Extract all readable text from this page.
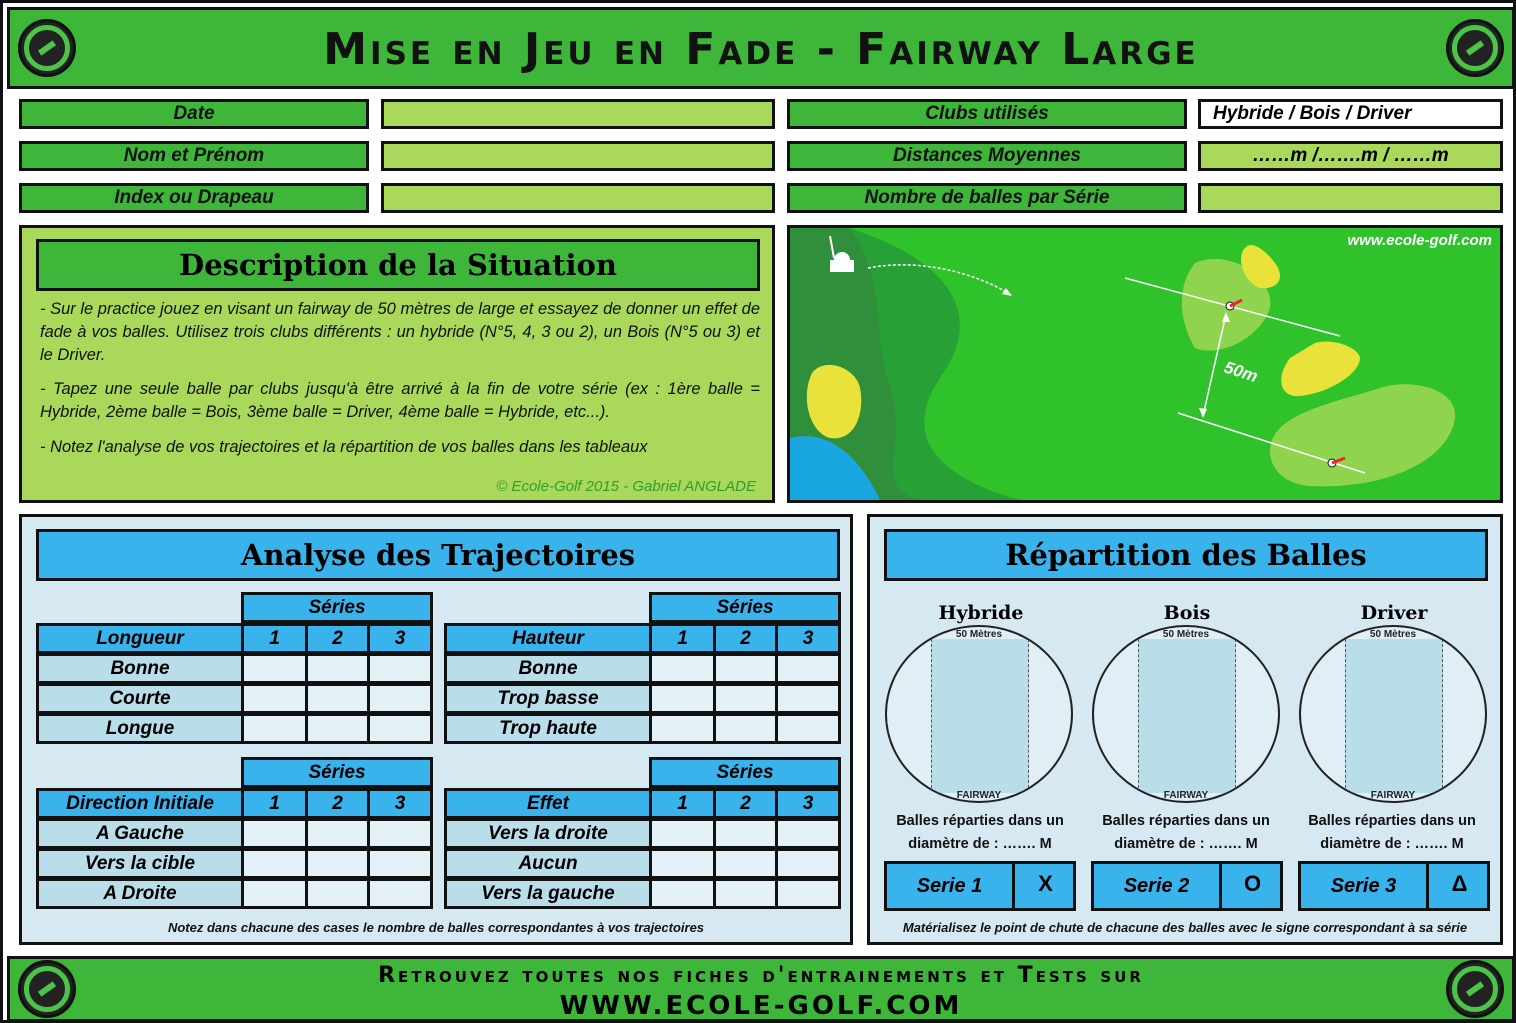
Mise en Jeu en Fade - Fairway Large
Date	Clubs utilisés	Hybride / Bois / Driver
Nom et Prénom	Distances Moyennes	……m /…….m / ……m
Index ou Drapeau	Nombre de balles par Série
Description de la Situation
- Sur le practice jouez en visant un fairway de 50 mètres de large et essayez de donner un effet de fade à vos balles. Utilisez trois clubs différents : un hybride (N°5, 4, 3 ou 2), un Bois (N°5 ou 3) et le Driver.
- Tapez une seule balle par clubs jusqu'à être arrivé à la fin de votre série (ex : 1ère balle = Hybride, 2ème balle = Bois, 3ème balle = Driver, 4ème balle = Hybride, etc...).
- Notez l'analyse de vos trajectoires et la répartition de vos balles dans les tableaux
© Ecole-Golf 2015 - Gabriel ANGLADE
50m
www.ecole-golf.com
Analyse des Trajectoires
Séries
Longueur	1	2	3
Bonne
Courte
Longue
Séries
Hauteur	1	2	3
Bonne
Trop basse
Trop haute
Séries
Direction Initiale	1	2	3
A Gauche
Vers la cible
A Droite
Séries
Effet	1	2	3
Vers la droite
Aucun
Vers la gauche
Notez dans chacune des cases le nombre de balles correspondantes à vos trajectoires
Répartition des Balles
Hybride
50 Mètres
FAIRWAY
Balles réparties dans un
diamètre de : ……. M
Serie 1	X
Bois
50 Mètres
FAIRWAY
Balles réparties dans un
diamètre de : ……. M
Serie 2	O
Driver
50 Mètres
FAIRWAY
Balles réparties dans un
diamètre de : ……. M
Serie 3	Δ
Matérialisez le point de chute de chacune des balles avec le signe correspondant à sa série
Retrouvez toutes nos fiches d'entrainements et Tests sur
WWW.ECOLE-GOLF.COM
